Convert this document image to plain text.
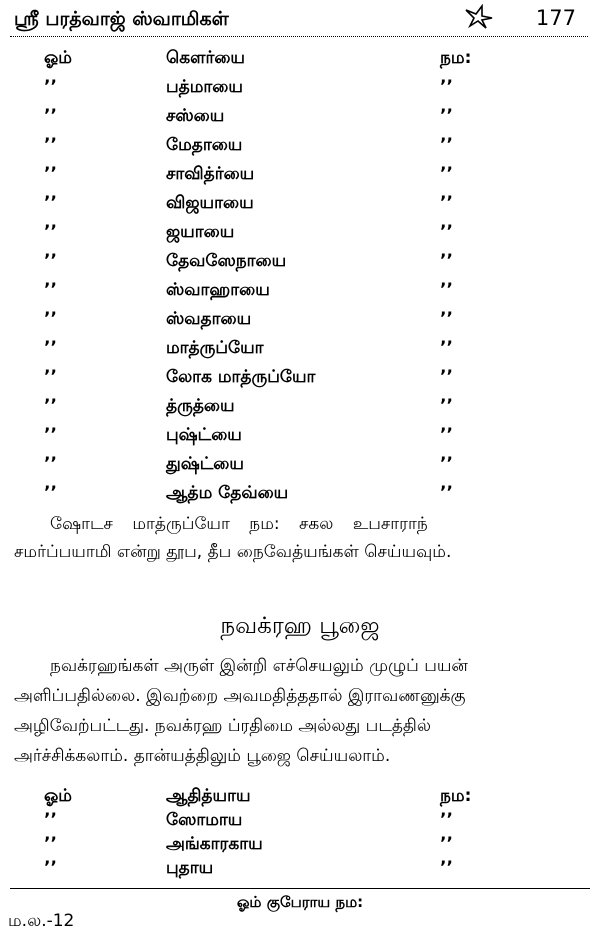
ஸ்ரீ பரத்வாஜ் ஸ்வாமிகள்	177
ஓம்	கௌர்யை	நம:
’’	பத்மாயை	’’
’’	சஸ்யை	’’
’’	மேதாயை	’’
’’	சாவித்ர்யை	’’
’’	விஜயாயை	’’
’’	ஜயாயை	’’
’’	தேவஸேநாயை	’’
’’	ஸ்வாஹாயை	’’
’’	ஸ்வதாயை	’’
’’	மாத்ருப்யோ	’’
’’	லோக மாத்ருப்யோ	’’
’’	த்ருத்யை	’’
’’	புஷ்ட்யை	’’
’’	துஷ்ட்யை	’’
’’	ஆத்ம தேவ்யை	’’
ஷோடச மாத்ருப்யோ நம: சகல உபசாராந்
சமர்ப்பயாமி என்று தூப, தீப நைவேத்யங்கள் செய்யவும்.
நவக்ரஹ பூஜை
நவக்ரஹங்கள் அருள் இன்றி எச்செயலும் முழுப் பயன்
அளிப்பதில்லை. இவற்றை அவமதித்ததால் இராவணனுக்கு
அழிவேற்பட்டது. நவக்ரஹ ப்ரதிமை அல்லது படத்தில்
அர்ச்சிக்கலாம். தான்யத்திலும் பூஜை செய்யலாம்.
ஓம்	ஆதித்யாய	நம:
’’	ஸோமாய	’’
’’	அங்காரகாய	’’
’’	புதாய	’’
ஓம் குபேராய நம:
ம.ல.-12
